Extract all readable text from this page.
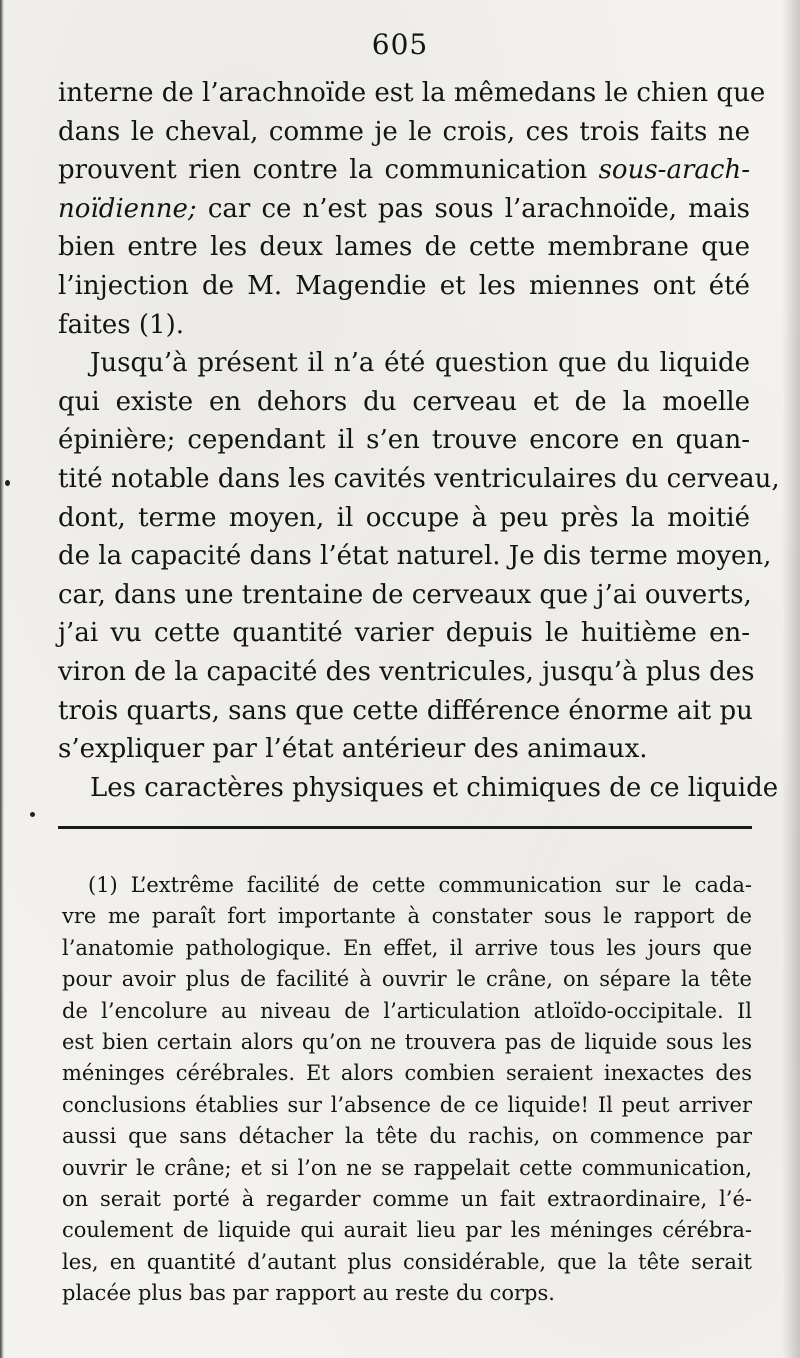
605
interne de l’arachnoïde est la mêmedans le chien que
dans le cheval, comme je le crois, ces trois faits ne
prouvent rien contre la communication sous-arach-
noïdienne; car ce n’est pas sous l’arachnoïde, mais
bien entre les deux lames de cette membrane que
l’injection de M. Magendie et les miennes ont été
faites (1).
Jusqu’à présent il n’a été question que du liquide
qui existe en dehors du cerveau et de la moelle
épinière; cependant il s’en trouve encore en quan-
tité notable dans les cavités ventriculaires du cerveau,
dont, terme moyen, il occupe à peu près la moitié
de la capacité dans l’état naturel. Je dis terme moyen,
car, dans une trentaine de cerveaux que j’ai ouverts,
j’ai vu cette quantité varier depuis le huitième en-
viron de la capacité des ventricules, jusqu’à plus des
trois quarts, sans que cette différence énorme ait pu
s’expliquer par l’état antérieur des animaux.
Les caractères physiques et chimiques de ce liquide
(1) L’extrême facilité de cette communication sur le cada-
vre me paraît fort importante à constater sous le rapport de
l’anatomie pathologique. En effet, il arrive tous les jours que
pour avoir plus de facilité à ouvrir le crâne, on sépare la tête
de l’encolure au niveau de l’articulation atloïdo-occipitale. Il
est bien certain alors qu’on ne trouvera pas de liquide sous les
méninges cérébrales. Et alors combien seraient inexactes des
conclusions établies sur l’absence de ce liquide! Il peut arriver
aussi que sans détacher la tête du rachis, on commence par
ouvrir le crâne; et si l’on ne se rappelait cette communication,
on serait porté à regarder comme un fait extraordinaire, l’é-
coulement de liquide qui aurait lieu par les méninges cérébra-
les, en quantité d’autant plus considérable, que la tête serait
placée plus bas par rapport au reste du corps.
